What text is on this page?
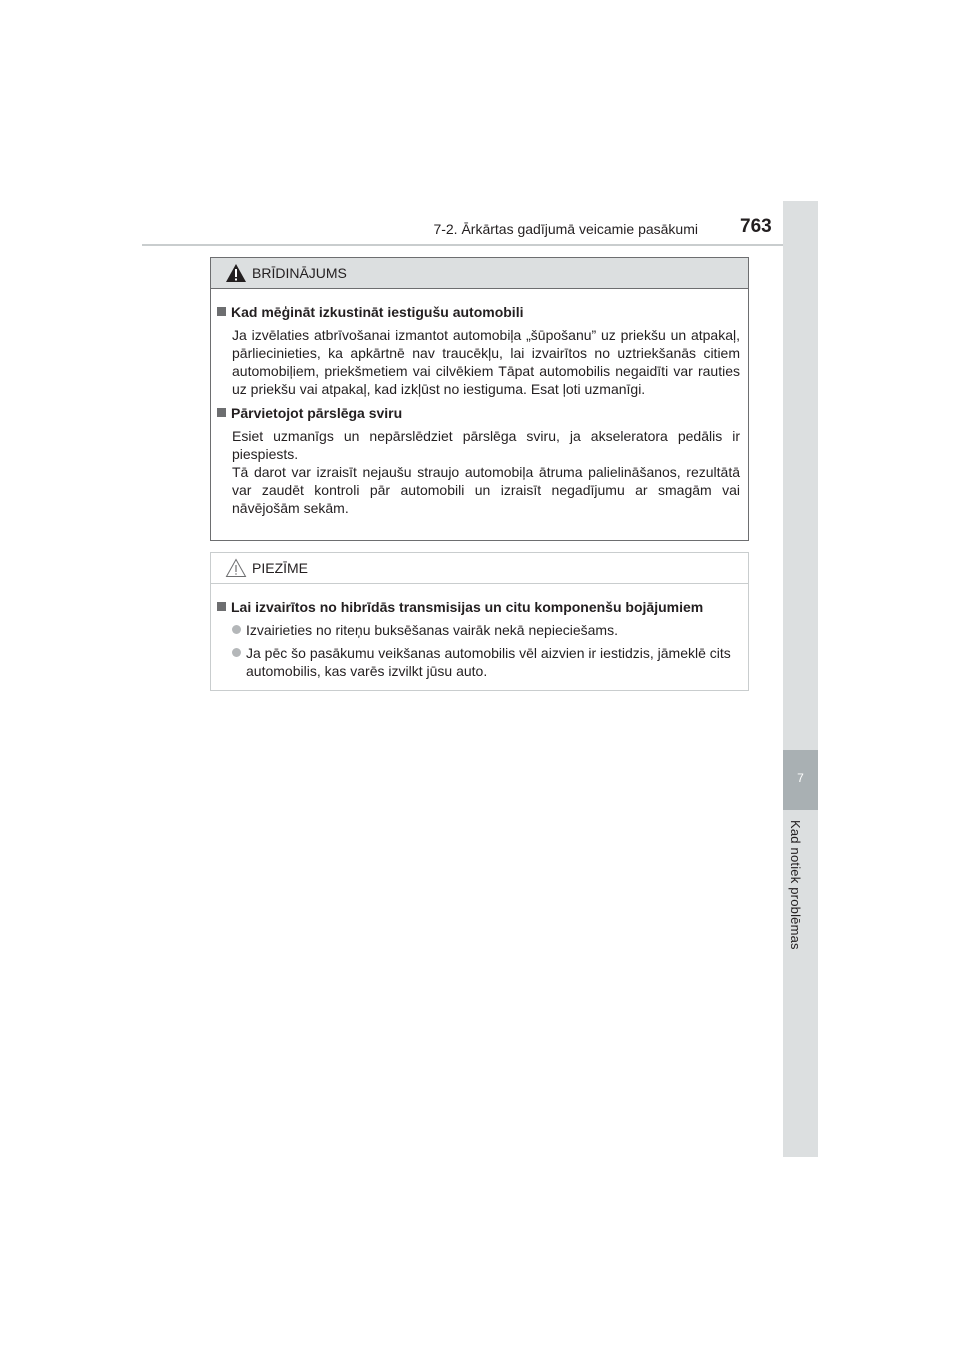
7-2. Ārkārtas gadījumā veicamie pasākumi 763
7
Kad notiek problēmas
BRĪDINĀJUMS
Kad mēģināt izkustināt iestigušu automobili
Ja izvēlaties atbrīvošanai izmantot automobiļa „šūpošanu” uz priekšu un atpakaļ, pārliecinieties, ka apkārtnē nav traucēkļu, lai izvairītos no uztriekšanās citiem automobiļiem, priekšmetiem vai cilvēkiem Tāpat automobilis negaidīti var rauties uz priekšu vai atpakaļ, kad izkļūst no iestiguma. Esat ļoti uzmanīgi.
Pārvietojot pārslēga sviru
Esiet uzmanīgs un nepārslēdziet pārslēga sviru, ja akseleratora pedālis ir piespiests.
Tā darot var izraisīt nejaušu straujo automobiļa ātruma palielināšanos, rezultātā var zaudēt kontroli pār automobili un izraisīt negadījumu ar smagām vai nāvējošām sekām.
PIEZĪME
Lai izvairītos no hibrīdās transmisijas un citu komponenšu bojājumiem
Izvairieties no riteņu buksēšanas vairāk nekā nepieciešams.
Ja pēc šo pasākumu veikšanas automobilis vēl aizvien ir iestidzis, jāmeklē cits automobilis, kas varēs izvilkt jūsu auto.
